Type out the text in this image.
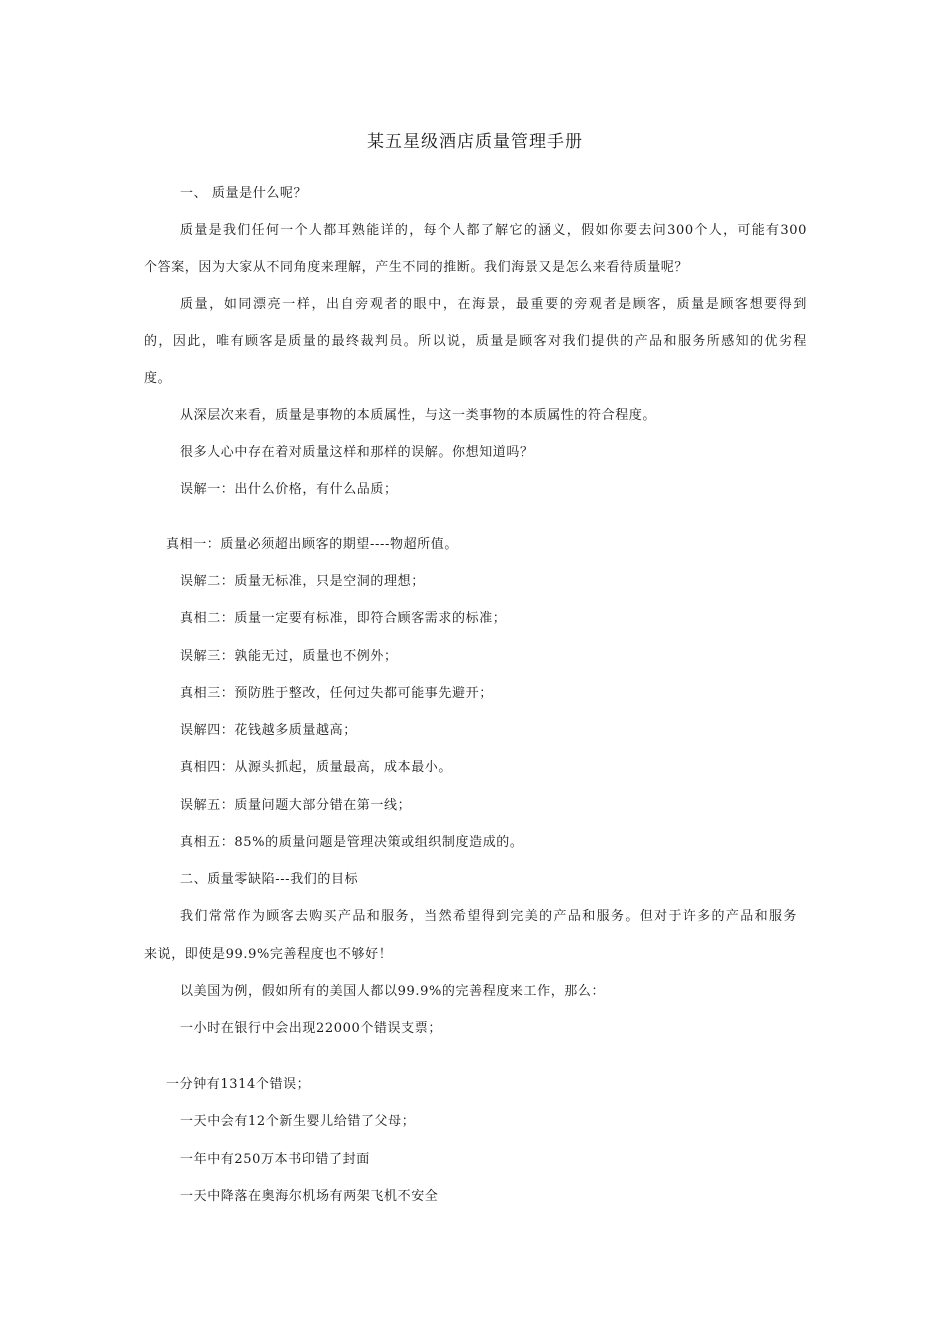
某五星级酒店质量管理手册
一、 质量是什么呢？
质量是我们任何一个人都耳熟能详的，每个人都了解它的涵义，假如你要去问300个人，可能有300
个答案，因为大家从不同角度来理解，产生不同的推断。我们海景又是怎么来看待质量呢？
质量，如同漂亮一样，出自旁观者的眼中，在海景，最重要的旁观者是顾客，质量是顾客想要得到
的，因此，唯有顾客是质量的最终裁判员。所以说，质量是顾客对我们提供的产品和服务所感知的优劣程
度。
从深层次来看，质量是事物的本质属性，与这一类事物的本质属性的符合程度。
很多人心中存在着对质量这样和那样的误解。你想知道吗？
误解一：出什么价格，有什么品质；
真相一：质量必须超出顾客的期望----物超所值。
误解二：质量无标准，只是空洞的理想；
真相二：质量一定要有标准，即符合顾客需求的标准；
误解三：孰能无过，质量也不例外；
真相三：预防胜于整改，任何过失都可能事先避开；
误解四：花钱越多质量越高；
真相四：从源头抓起，质量最高，成本最小。
误解五：质量问题大部分错在第一线；
真相五：85%的质量问题是管理决策或组织制度造成的。
二、质量零缺陷---我们的目标
我们常常作为顾客去购买产品和服务，当然希望得到完美的产品和服务。但对于许多的产品和服务
来说，即使是99.9%完善程度也不够好！
以美国为例，假如所有的美国人都以99.9%的完善程度来工作，那么：
一小时在银行中会出现22000个错误支票；
一分钟有1314个错误；
一天中会有12个新生婴儿给错了父母；
一年中有250万本书印错了封面
一天中降落在奥海尔机场有两架飞机不安全
